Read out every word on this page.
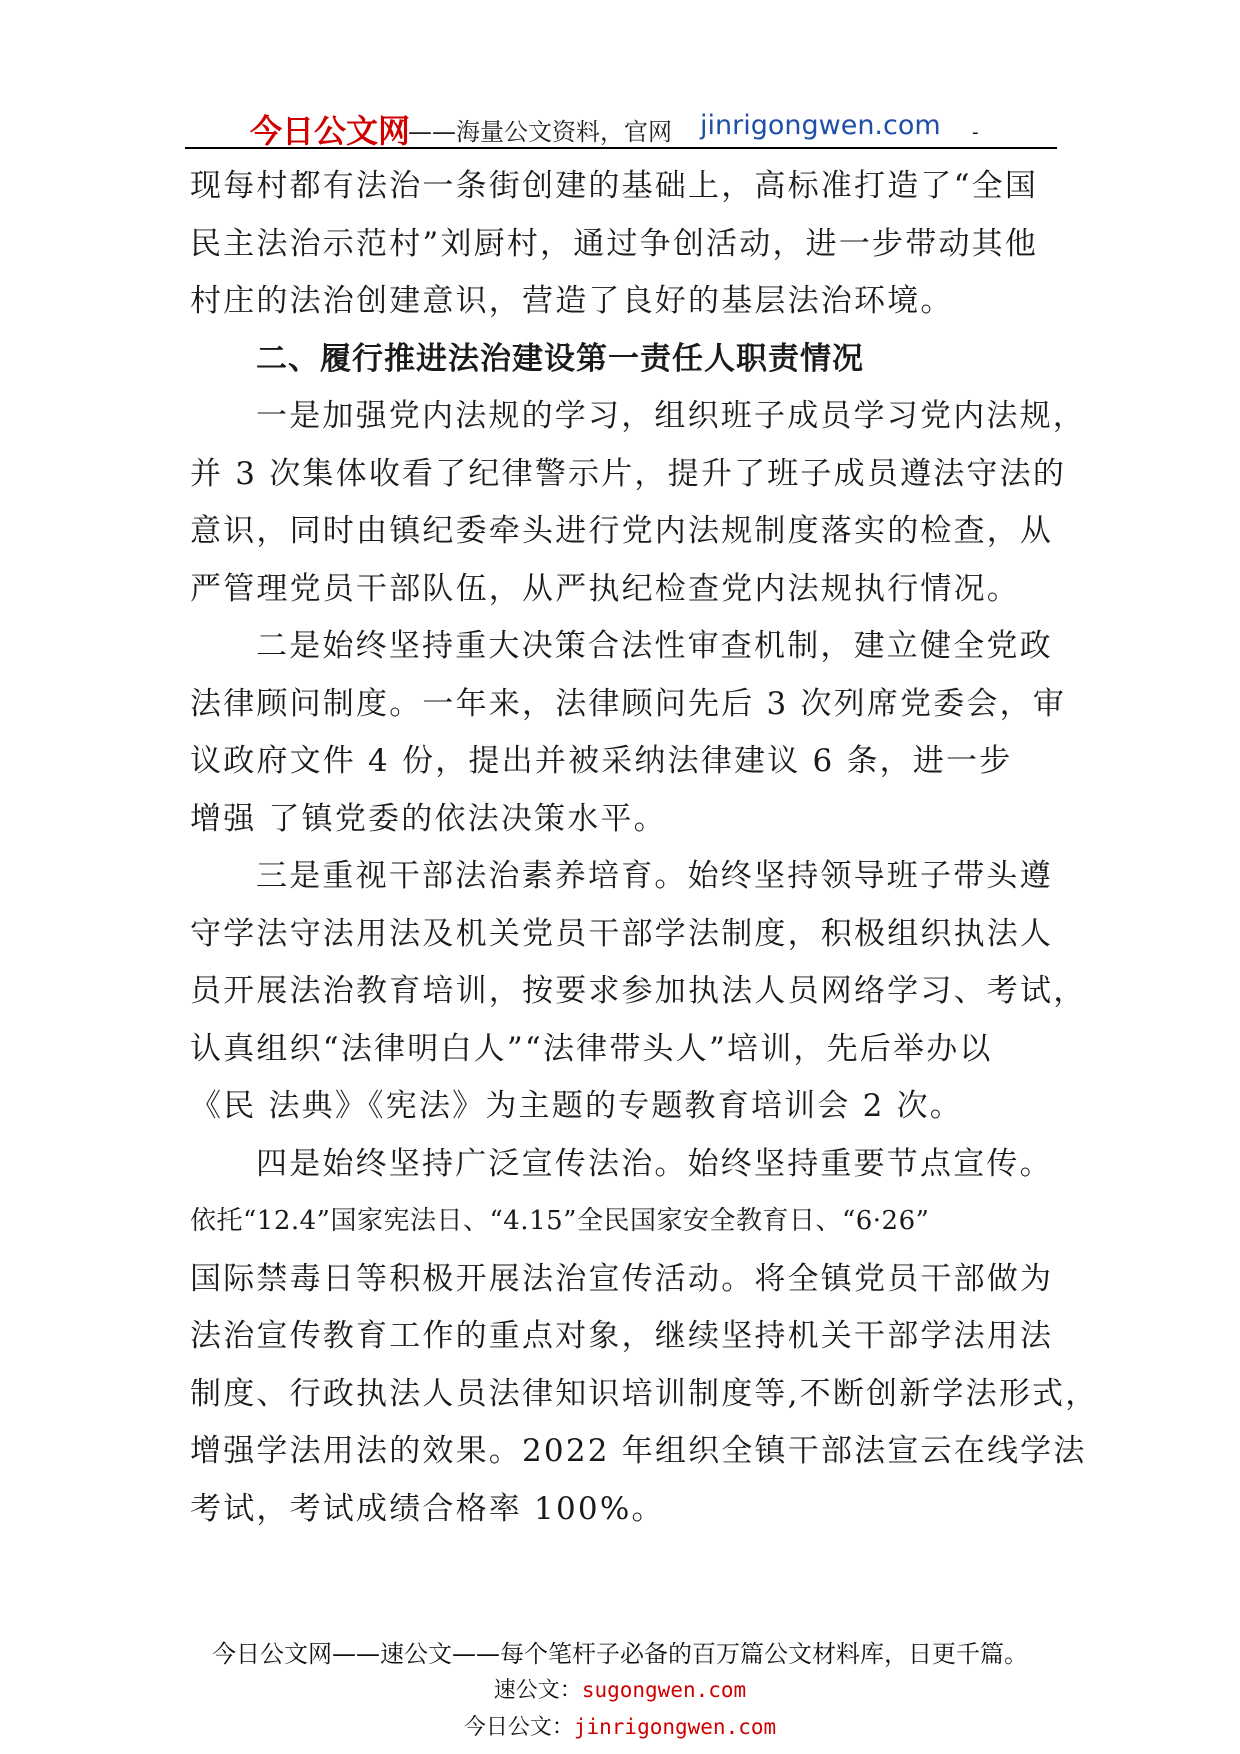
今日公文网
——海量公文资料，官网 jinrigongwen.com -
现每村都有法治一条街创建的基础上，高标准打造了“全国
民主法治示范村”刘厨村，通过争创活动，进一步带动其他
村庄的法治创建意识，营造了良好的基层法治环境。
二、履行推进法治建设第一责任人职责情况
一是加强党内法规的学习，组织班子成员学习党内法规，
并 3 次集体收看了纪律警示片，提升了班子成员遵法守法的
意识，同时由镇纪委牵头进行党内法规制度落实的检查，从
严管理党员干部队伍，从严执纪检查党内法规执行情况。
二是始终坚持重大决策合法性审查机制，建立健全党政
法律顾问制度。一年来，法律顾问先后 3 次列席党委会，审
议政府文件 4 份，提出并被采纳法律建议 6 条，进一步
增强 了镇党委的依法决策水平。
三是重视干部法治素养培育。始终坚持领导班子带头遵
守学法守法用法及机关党员干部学法制度，积极组织执法人
员开展法治教育培训，按要求参加执法人员网络学习、考试，
认真组织“法律明白人”“法律带头人”培训，先后举办以
《民 法典》《宪法》为主题的专题教育培训会 2 次。
四是始终坚持广泛宣传法治。始终坚持重要节点宣传。
依托“12.4”国家宪法日、“4.15”全民国家安全教育日、“6·26”
国际禁毒日等积极开展法治宣传活动。将全镇党员干部做为
法治宣传教育工作的重点对象，继续坚持机关干部学法用法
制度、行政执法人员法律知识培训制度等,不断创新学法形式，
增强学法用法的效果。2022 年组织全镇干部法宣云在线学法
考试，考试成绩合格率 100%。
今日公文网——速公文——每个笔杆子必备的百万篇公文材料库，日更千篇。
速公文：sugongwen.com
今日公文：jinrigongwen.com
